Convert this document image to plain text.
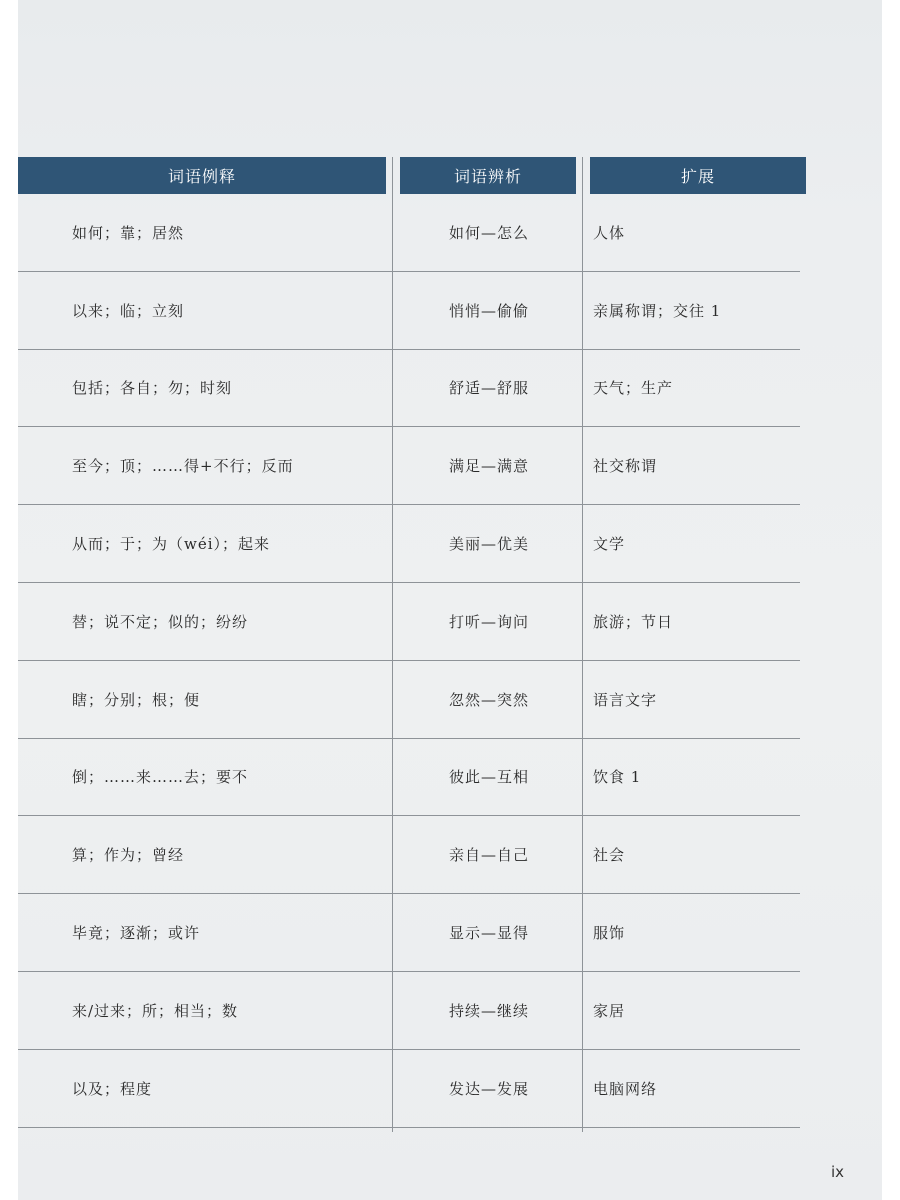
词语例释	词语辨析	扩展
如何；靠；居然	如何—怎么	人体
以来；临；立刻	悄悄—偷偷	亲属称谓；交往 1
包括；各自；勿；时刻	舒适—舒服	天气；生产
至今；顶；……得+不行；反而	满足—满意	社交称谓
从而；于；为（wéi）；起来	美丽—优美	文学
替；说不定；似的；纷纷	打听—询问	旅游；节日
瞎；分别；根；便	忽然—突然	语言文字
倒；……来……去；要不	彼此—互相	饮食 1
算；作为；曾经	亲自—自己	社会
毕竟；逐渐；或许	显示—显得	服饰
来/过来；所；相当；数	持续—继续	家居
以及；程度	发达—发展	电脑网络
ix
